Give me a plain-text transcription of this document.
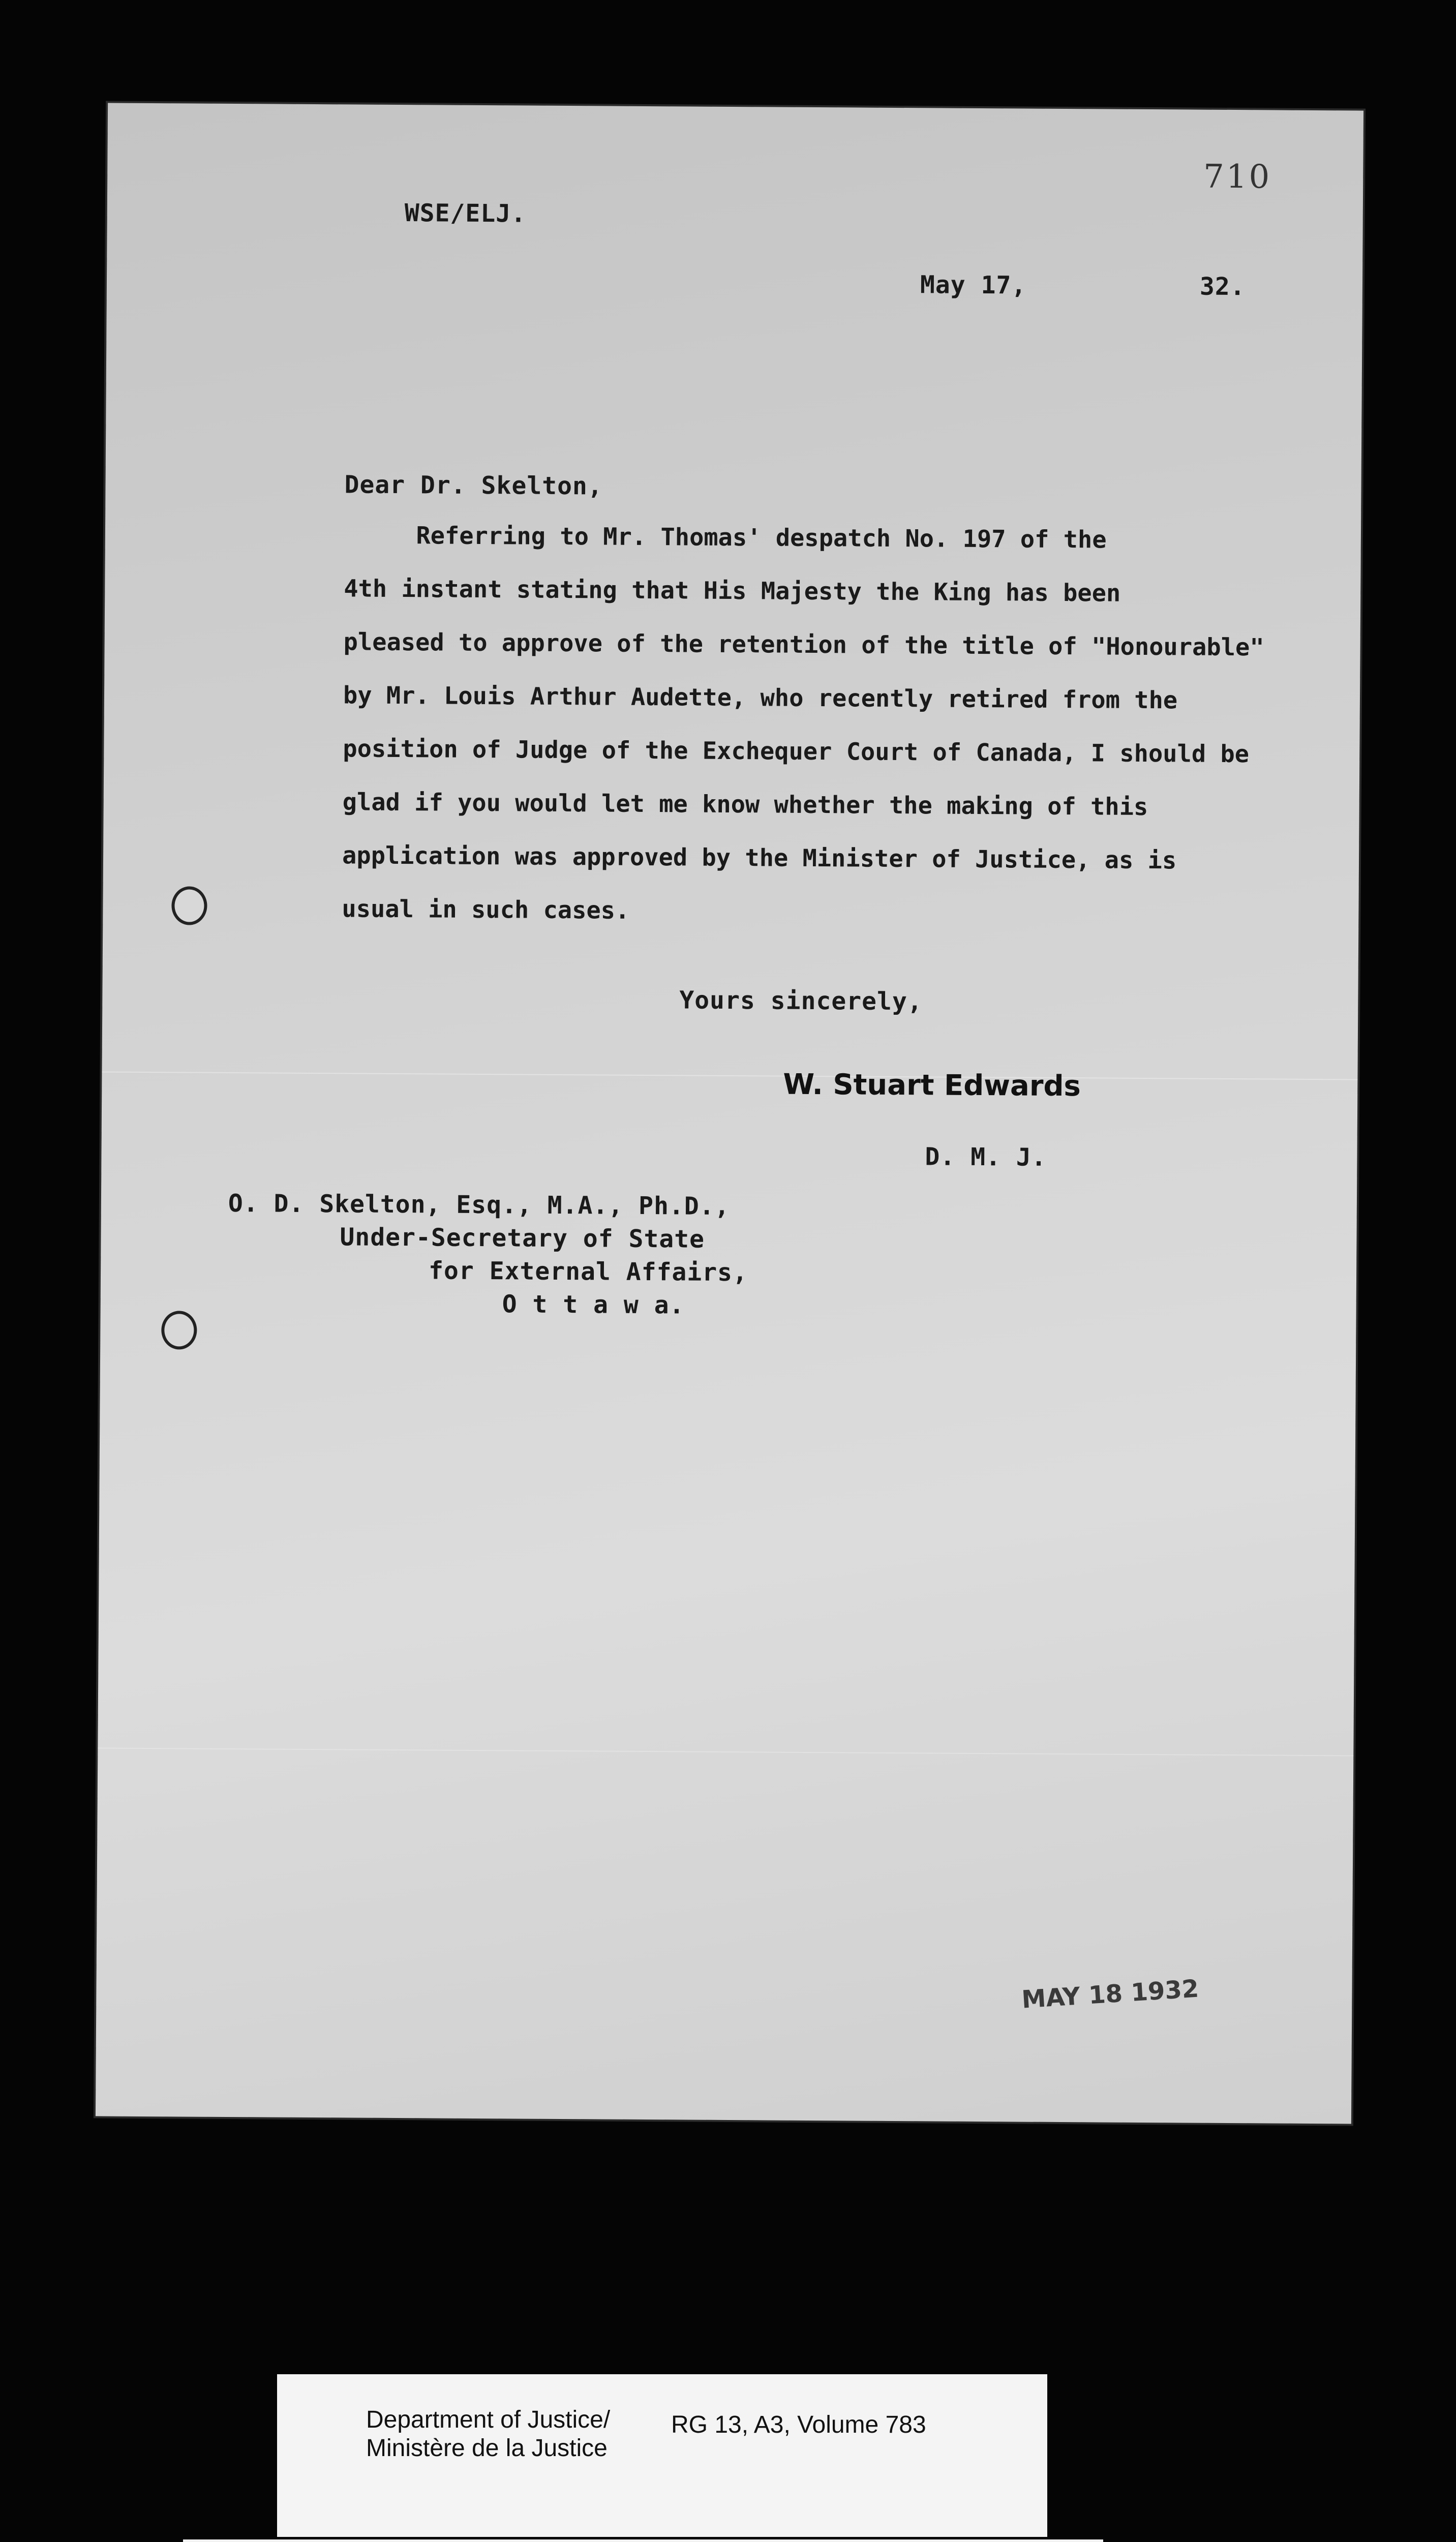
710
WSE/ELJ.
May 17,	32.
Dear Dr. Skelton,
Referring to Mr. Thomas' despatch No. 197 of the
4th instant stating that His Majesty the King has been
pleased to approve of the retention of the title of "Honourable"
by Mr. Louis Arthur Audette, who recently retired from the
position of Judge of the Exchequer Court of Canada, I should be
glad if you would let me know whether the making of this
application was approved by the Minister of Justice, as is
usual in such cases.
Yours sincerely,
W. Stuart Edwards
D. M. J.
O. D. Skelton, Esq., M.A., Ph.D.,
Under-Secretary of State
for External Affairs,
O t t a w a.
MAY 18 1932
Department of Justice/
Ministère de la Justice
RG 13, A3, Volume 783
